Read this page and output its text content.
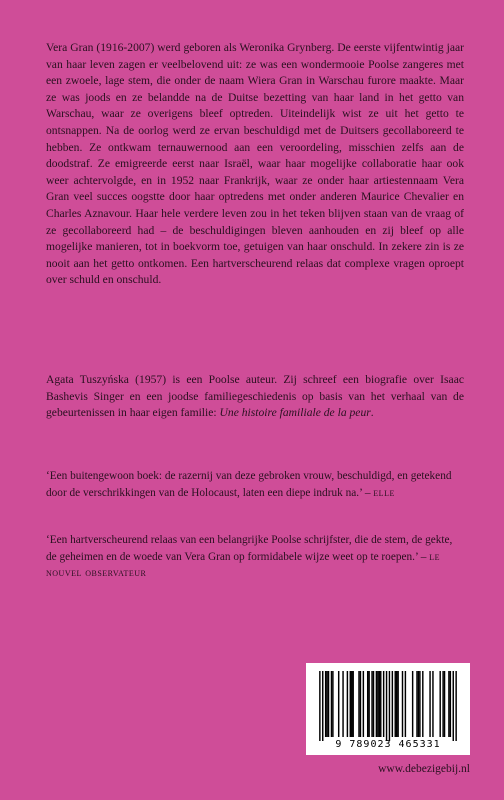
Vera Gran (1916-2007) werd geboren als Weronika Grynberg. De eerste vijfentwintig jaar van haar leven zagen er veelbelovend uit: ze was een wondermooie Poolse zangeres met een zwoele, lage stem, die onder de naam Wiera Gran in Warschau furore maakte. Maar ze was joods en ze belandde na de Duitse bezetting van haar land in het getto van Warschau, waar ze overigens bleef optreden. Uiteindelijk wist ze uit het getto te ontsnappen. Na de oorlog werd ze ervan beschuldigd met de Duitsers gecollaboreerd te hebben. Ze ontkwam ternauwernood aan een veroordeling, misschien zelfs aan de doodstraf. Ze emigreerde eerst naar Israël, waar haar mogelijke collaboratie haar ook weer achtervolgde, en in 1952 naar Frankrijk, waar ze onder haar artiestennaam Vera Gran veel succes oogstte door haar optredens met onder anderen Maurice Chevalier en Charles Aznavour. Haar hele verdere leven zou in het teken blijven staan van de vraag of ze gecollaboreerd had – de beschuldigingen bleven aanhouden en zij bleef op alle mogelijke manieren, tot in boekvorm toe, getuigen van haar onschuld. In zekere zin is ze nooit aan het getto ontkomen. Een hartverscheurend relaas dat complexe vragen oproept over schuld en onschuld.

Agata Tuszyńska (1957) is een Poolse auteur. Zij schreef een biografie over Isaac Bashevis Singer en een joodse familiegeschiedenis op basis van het verhaal van de gebeurtenissen in haar eigen familie: Une histoire familiale de la peur.

‘Een buitengewoon boek: de razernij van deze gebroken vrouw, beschuldigd, en getekend door de verschrikkingen van de Holocaust, laten een diepe indruk na.’ – elle

‘Een hartverscheurend relaas van een belangrijke Poolse schrijfster, die de stem, de gekte, de geheimen en de woede van Vera Gran op formidabele wijze weet op te roepen.’ – le nouvel observateur

9 789023 465331
www.debezigebij.nl
